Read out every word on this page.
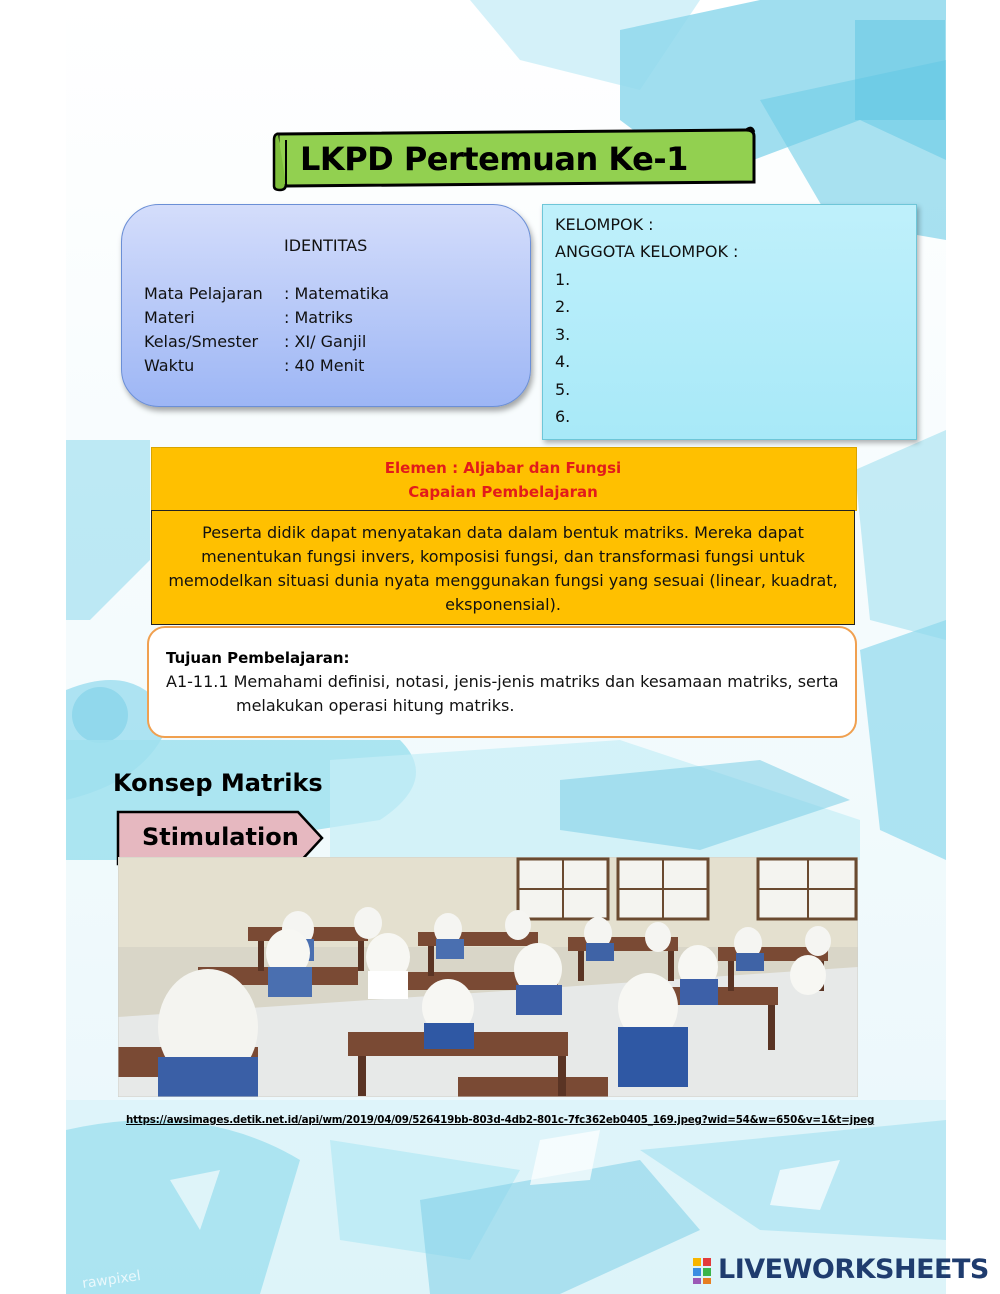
LKPD Pertemuan Ke-1
IDENTITAS
Mata Pelajaran : Matematika
Materi	: Matriks
Kelas/Smester : XI/ Ganjil
Waktu	: 40 Menit
KELOMPOK :
ANGGOTA KELOMPOK :
1.
2.
3.
4.
5.
6.
Elemen : Aljabar dan Fungsi
Capaian Pembelajaran
Peserta didik dapat menyatakan data dalam bentuk matriks. Mereka dapat
menentukan fungsi invers, komposisi fungsi, dan transformasi fungsi untuk
memodelkan situasi dunia nyata menggunakan fungsi yang sesuai (linear, kuadrat,
eksponensial).
Tujuan Pembelajaran:
A1-11.1 Memahami definisi, notasi, jenis-jenis matriks dan kesamaan matriks, serta
melakukan operasi hitung matriks.
Konsep Matriks
Stimulation
https://awsimages.detik.net.id/api/wm/2019/04/09/526419bb-803d-4db2-801c-7fc362eb0405_169.jpeg?wid=54&w=650&v=1&t=jpeg
rawpixel	LIVEWORKSHEETS
